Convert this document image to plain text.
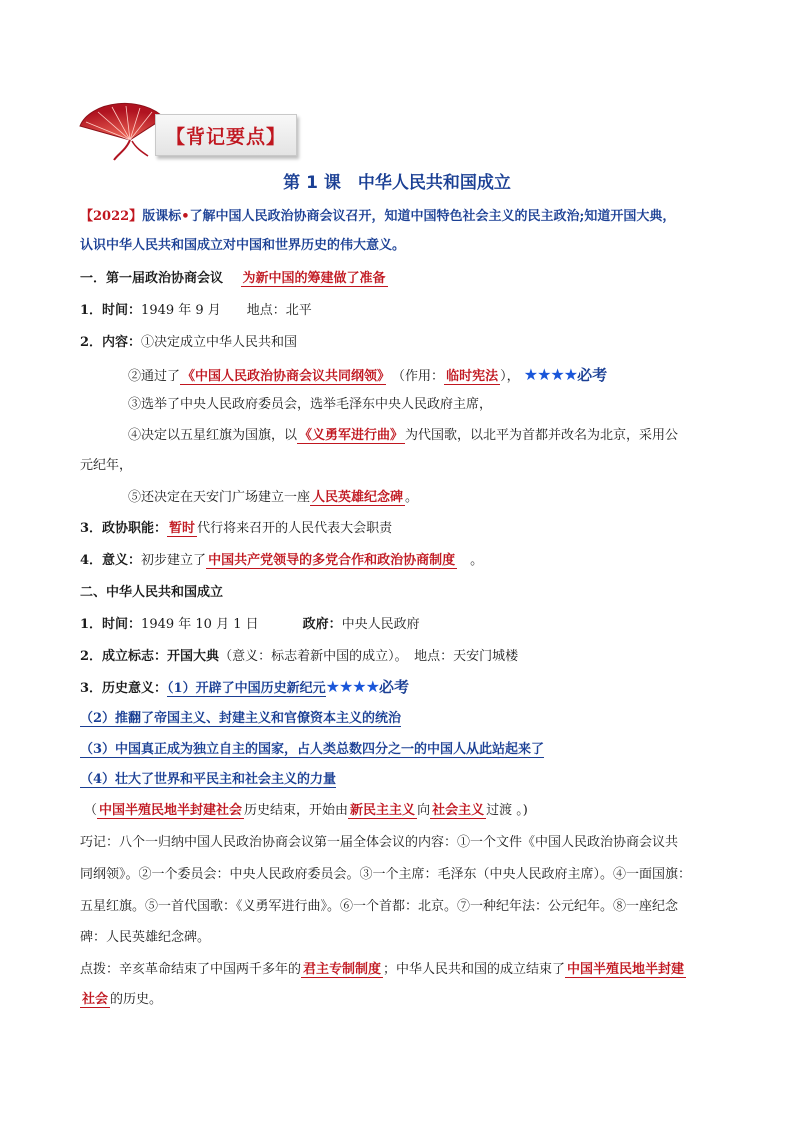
【背记要点】
第 1 课　中华人民共和国成立
【2022】版课标•了解中国人民政治协商会议召开，知道中国特色社会主义的民主政治;知道开国大典，
认识中华人民共和国成立对中国和世界历史的伟大意义。
一．第一届政治协商会议　 为新中国的筹建做了准备
1．时间：1949 年 9 月　　地点：北平
2．内容：①决定成立中华人民共和国
②通过了 《中国人民政治协商会议共同纲领》　 （作用： 临时宪法 ）， ★★★★必考
③选举了中央人民政府委员会，选举毛泽东中央人民政府主席，
④决定以五星红旗为国旗，以 《义勇军进行曲》 为代国歌，以北平为首都并改名为北京，采用公
元纪年，
⑤还决定在天安门广场建立一座 人民英雄纪念碑 。
3．政协职能： 暂时 代行将来召开的人民代表大会职责
4．意义：初步建立了 中国共产党领导的多党合作和政治协商制度　 。
二、中华人民共和国成立
1．时间：1949 年 10 月 1 日	政府：中央人民政府
2．成立标志：开国大典（意义：标志着新中国的成立）。　地点：天安门城楼
3．历史意义：（1）开辟了中国历史新纪元★★★★必考
（2）推翻了帝国主义、封建主义和官僚资本主义的统治
（3）中国真正成为独立自主的国家，占人类总数四分之一的中国人从此站起来了
（4）壮大了世界和平民主和社会主义的力量
（ 中国半殖民地半封建社会 历史结束，开始由 新民主主义 向 社会主义 过渡 。)
巧记：八个一归纳中国人民政治协商会议第一届全体会议的内容：①一个文件《中国人民政治协商会议共
同纲领》。②一个委员会：中央人民政府委员会。③一个主席：毛泽东（中央人民政府主席）。④一面国旗：
五星红旗。⑤一首代国歌：《义勇军进行曲》。⑥一个首都：北京。⑦一种纪年法：公元纪年。⑧一座纪念
碑：人民英雄纪念碑。
点拨：辛亥革命结束了中国两千多年的 君主专制制度 ；中华人民共和国的成立结束了 中国半殖民地半封建
社会 的历史。
